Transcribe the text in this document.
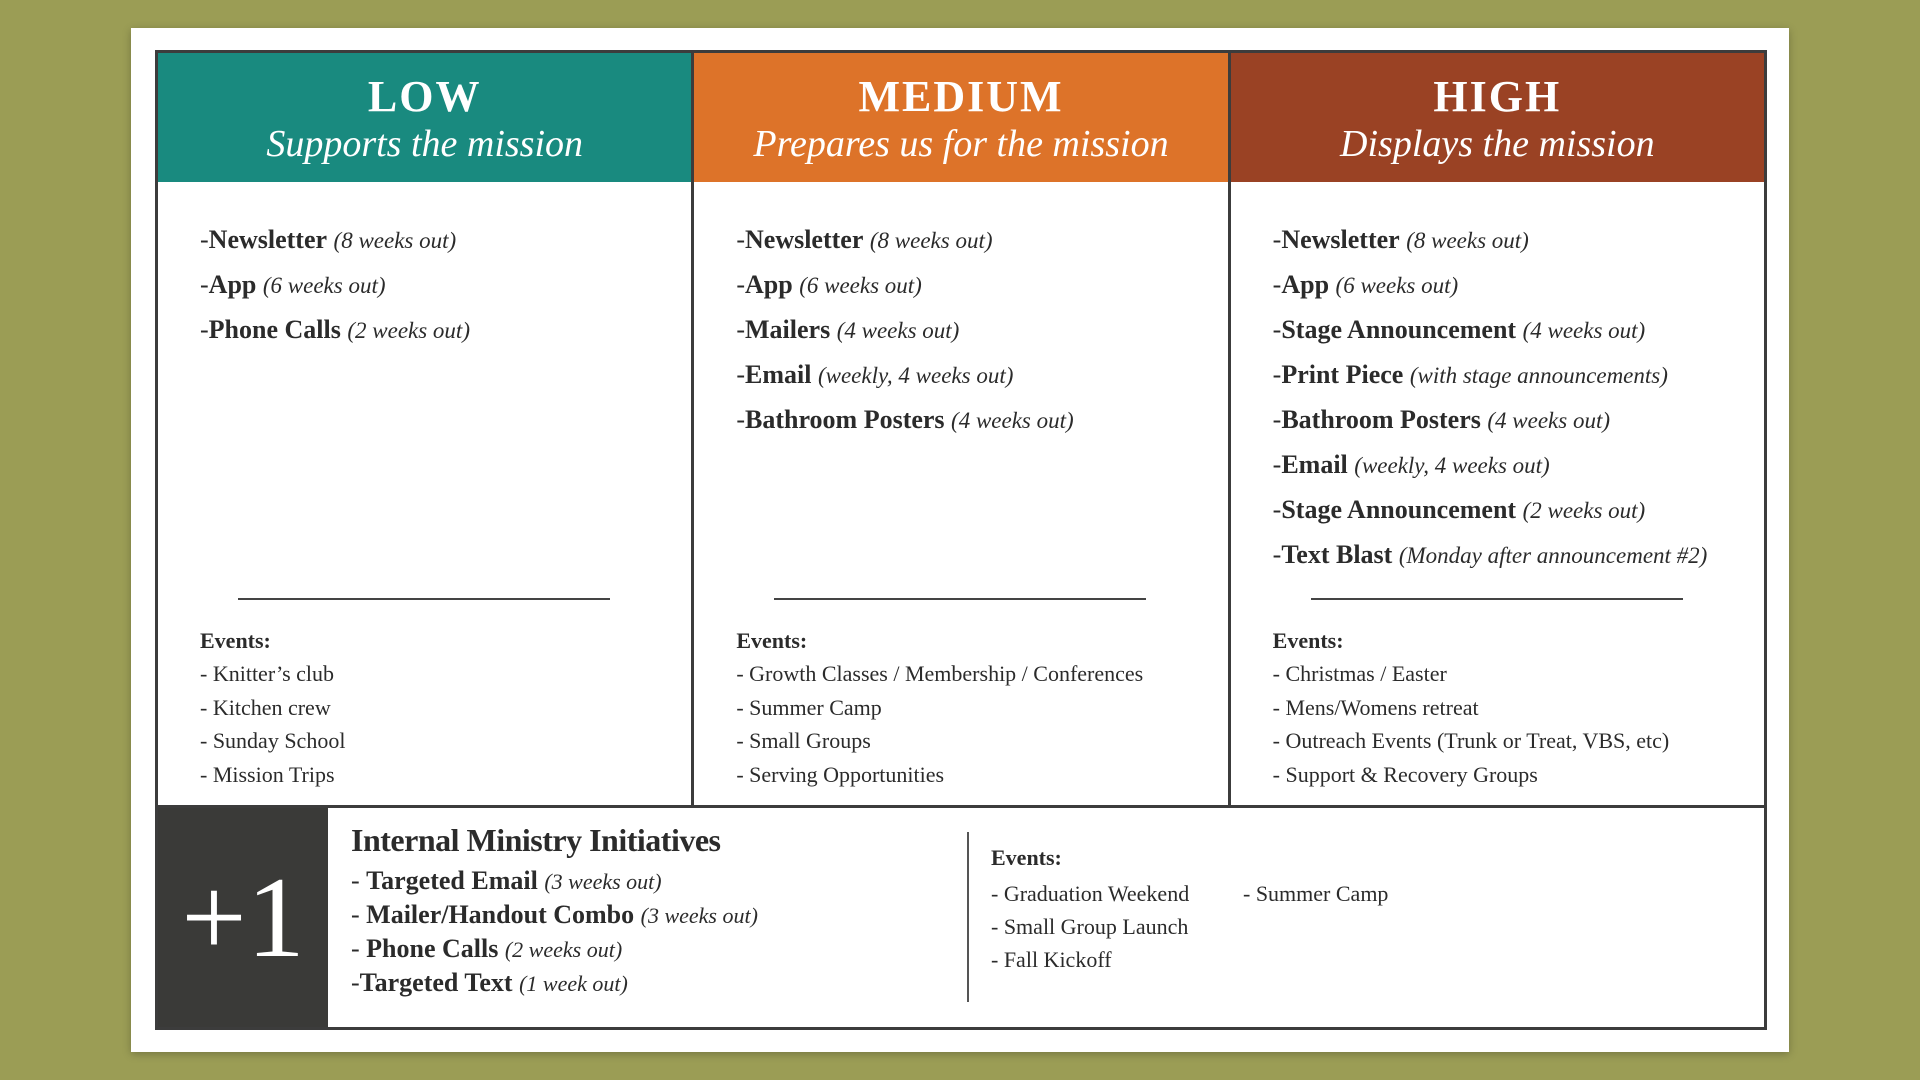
LOW
Supports the mission
-Newsletter (8 weeks out)
-App (6 weeks out)
-Phone Calls (2 weeks out)
Events:
- Knitter’s club
- Kitchen crew
- Sunday School
- Mission Trips
MEDIUM
Prepares us for the mission
-Newsletter (8 weeks out)
-App (6 weeks out)
-Mailers (4 weeks out)
-Email (weekly, 4 weeks out)
-Bathroom Posters (4 weeks out)
Events:
- Growth Classes / Membership / Conferences
- Summer Camp
- Small Groups
- Serving Opportunities
HIGH
Displays the mission
-Newsletter (8 weeks out)
-App (6 weeks out)
-Stage Announcement (4 weeks out)
-Print Piece (with stage announcements)
-Bathroom Posters (4 weeks out)
-Email (weekly, 4 weeks out)
-Stage Announcement (2 weeks out)
-Text Blast (Monday after announcement #2)
Events:
- Christmas / Easter
- Mens/Womens retreat
- Outreach Events (Trunk or Treat, VBS, etc)
- Support & Recovery Groups
+1
Internal Ministry Initiatives
- Targeted Email (3 weeks out)
- Mailer/Handout Combo (3 weeks out)
- Phone Calls (2 weeks out)
-Targeted Text (1 week out)
Events:
- Graduation Weekend
- Small Group Launch
- Fall Kickoff
- Summer Camp
